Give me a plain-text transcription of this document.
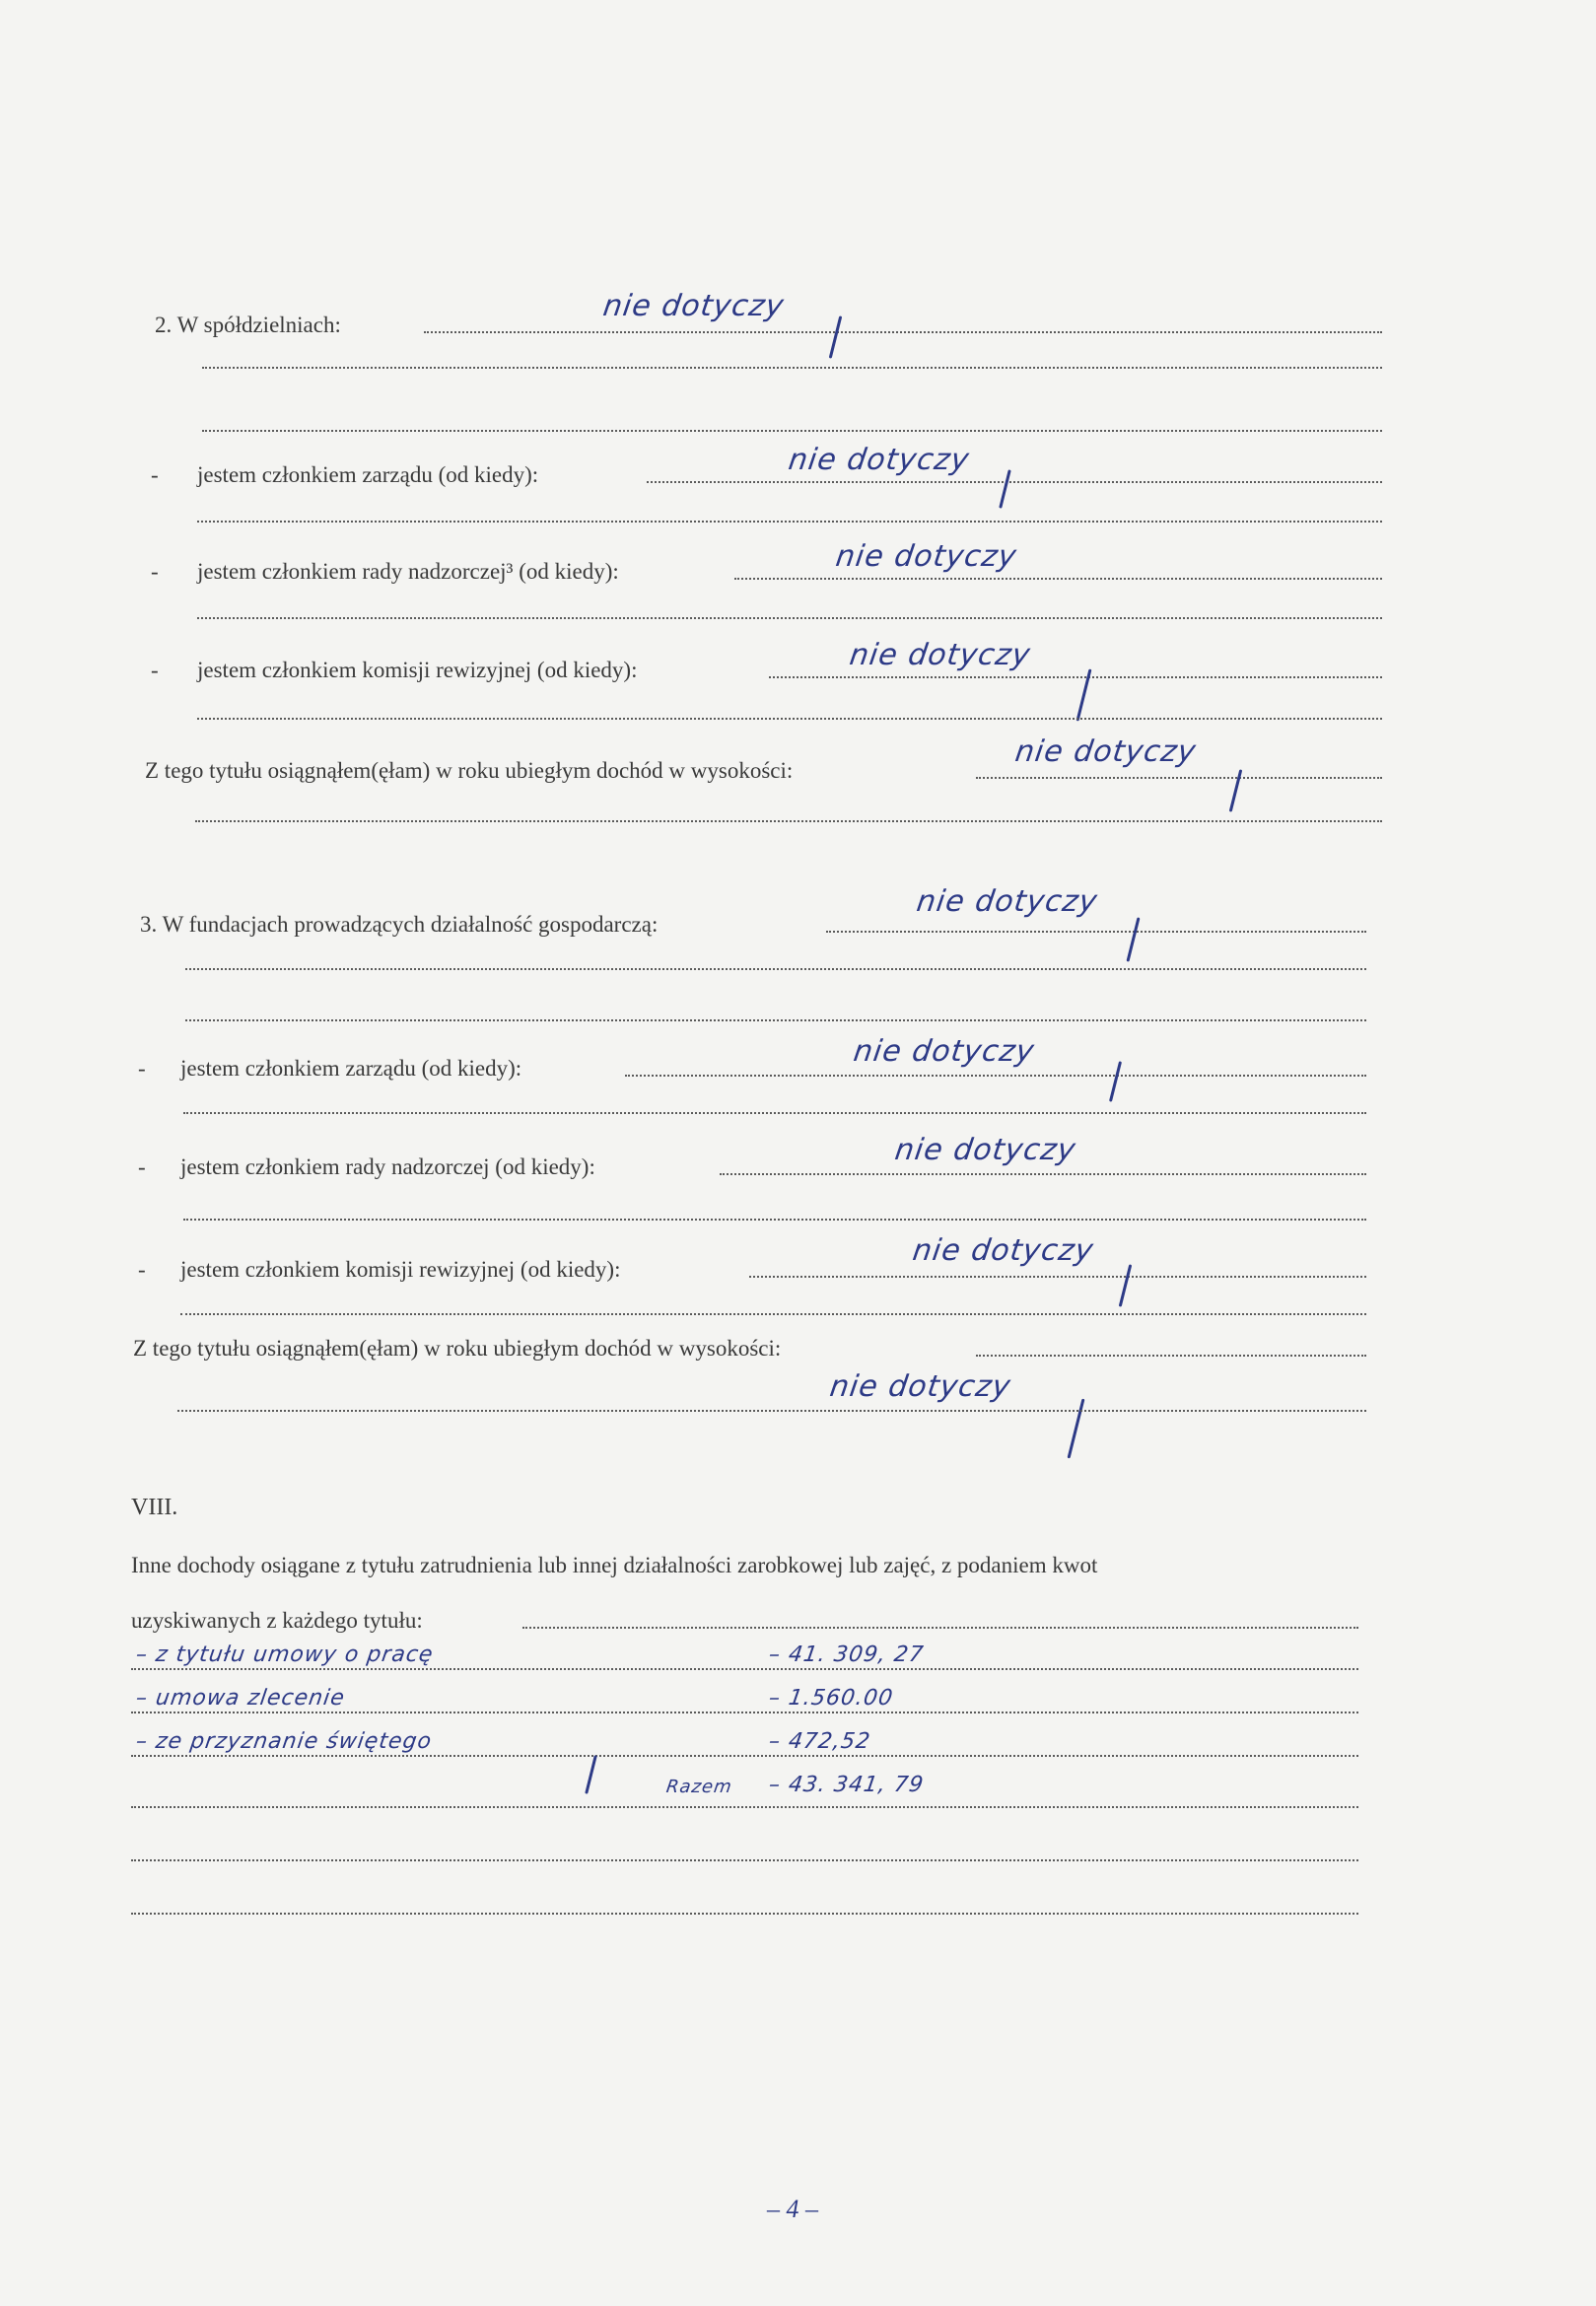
2. W spółdzielniach:
nie dotyczy
- jestem członkiem zarządu (od kiedy):	nie dotyczy
- jestem członkiem rady nadzorczej³ (od kiedy):	nie dotyczy
- jestem członkiem komisji rewizyjnej (od kiedy):	nie dotyczy
Z tego tytułu osiągnąłem(ęłam) w roku ubiegłym dochód w wysokości:
nie dotyczy
3. W fundacjach prowadzących działalność gospodarczą:
nie dotyczy
- jestem członkiem zarządu (od kiedy):	nie dotyczy
- jestem członkiem rady nadzorczej (od kiedy):	nie dotyczy
- jestem członkiem komisji rewizyjnej (od kiedy):
nie dotyczy
Z tego tytułu osiągnąłem(ęłam) w roku ubiegłym dochód w wysokości:
nie dotyczy
VIII.
Inne dochody osiągane z tytułu zatrudnienia lub innej działalności zarobkowej lub zajęć, z podaniem kwot
uzyskiwanych z każdego tytułu:
– z tytułu umowy o pracę	– 41. 309, 27
– umowa zlecenie	– 1.560.00
– ze przyznanie świętego	– 472,52
Razem – 43. 341, 79
– 4 –
